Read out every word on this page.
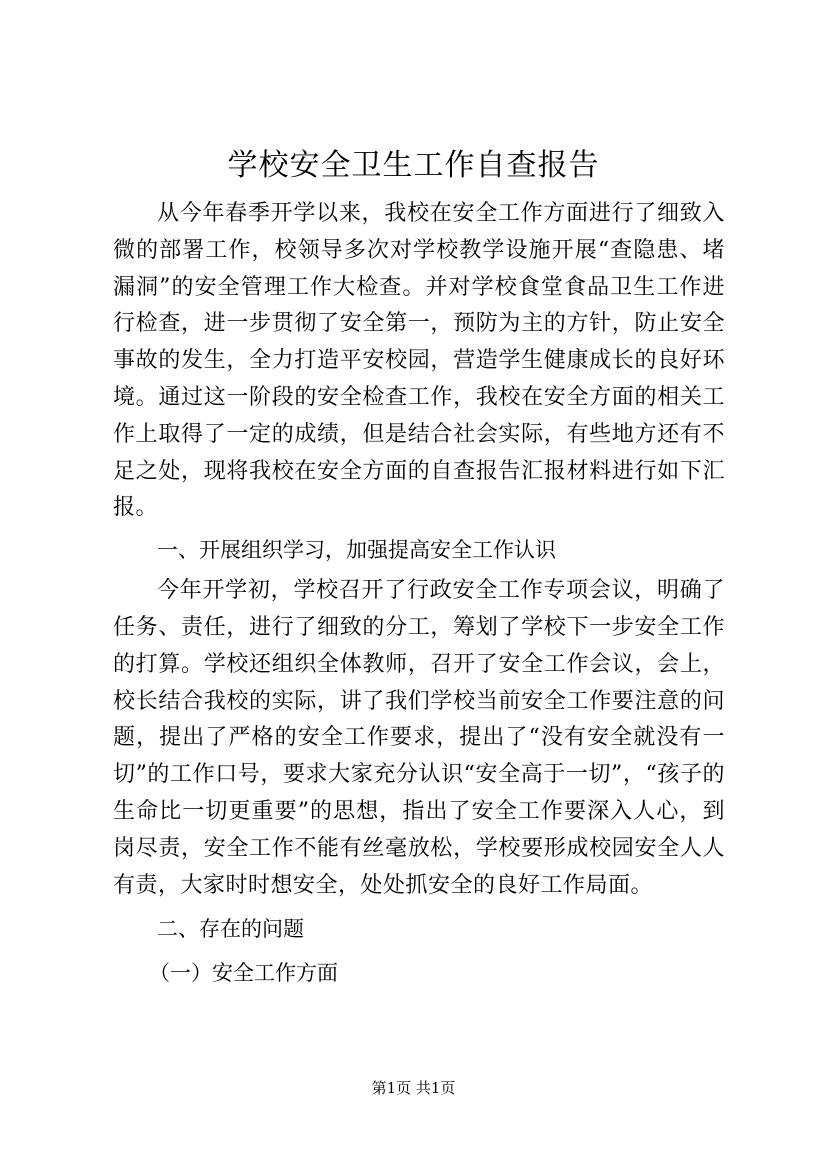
学校安全卫生工作自查报告

从今年春季开学以来，我校在安全工作方面进行了细致入微的部署工作，校领导多次对学校教学设施开展“查隐患、堵漏洞”的安全管理工作大检查。并对学校食堂食品卫生工作进行检查，进一步贯彻了安全第一，预防为主的方针，防止安全事故的发生，全力打造平安校园，营造学生健康成长的良好环境。通过这一阶段的安全检查工作，我校在安全方面的相关工作上取得了一定的成绩，但是结合社会实际，有些地方还有不足之处，现将我校在安全方面的自查报告汇报材料进行如下汇报。

一、开展组织学习，加强提高安全工作认识

今年开学初，学校召开了行政安全工作专项会议，明确了任务、责任，进行了细致的分工，筹划了学校下一步安全工作的打算。学校还组织全体教师，召开了安全工作会议，会上，校长结合我校的实际，讲了我们学校当前安全工作要注意的问题，提出了严格的安全工作要求，提出了“没有安全就没有一切”的工作口号，要求大家充分认识“安全高于一切”，“孩子的生命比一切更重要”的思想，指出了安全工作要深入人心，到岗尽责，安全工作不能有丝毫放松，学校要形成校园安全人人有责，大家时时想安全，处处抓安全的良好工作局面。

二、存在的问题

（一）安全工作方面

第1页 共1页
